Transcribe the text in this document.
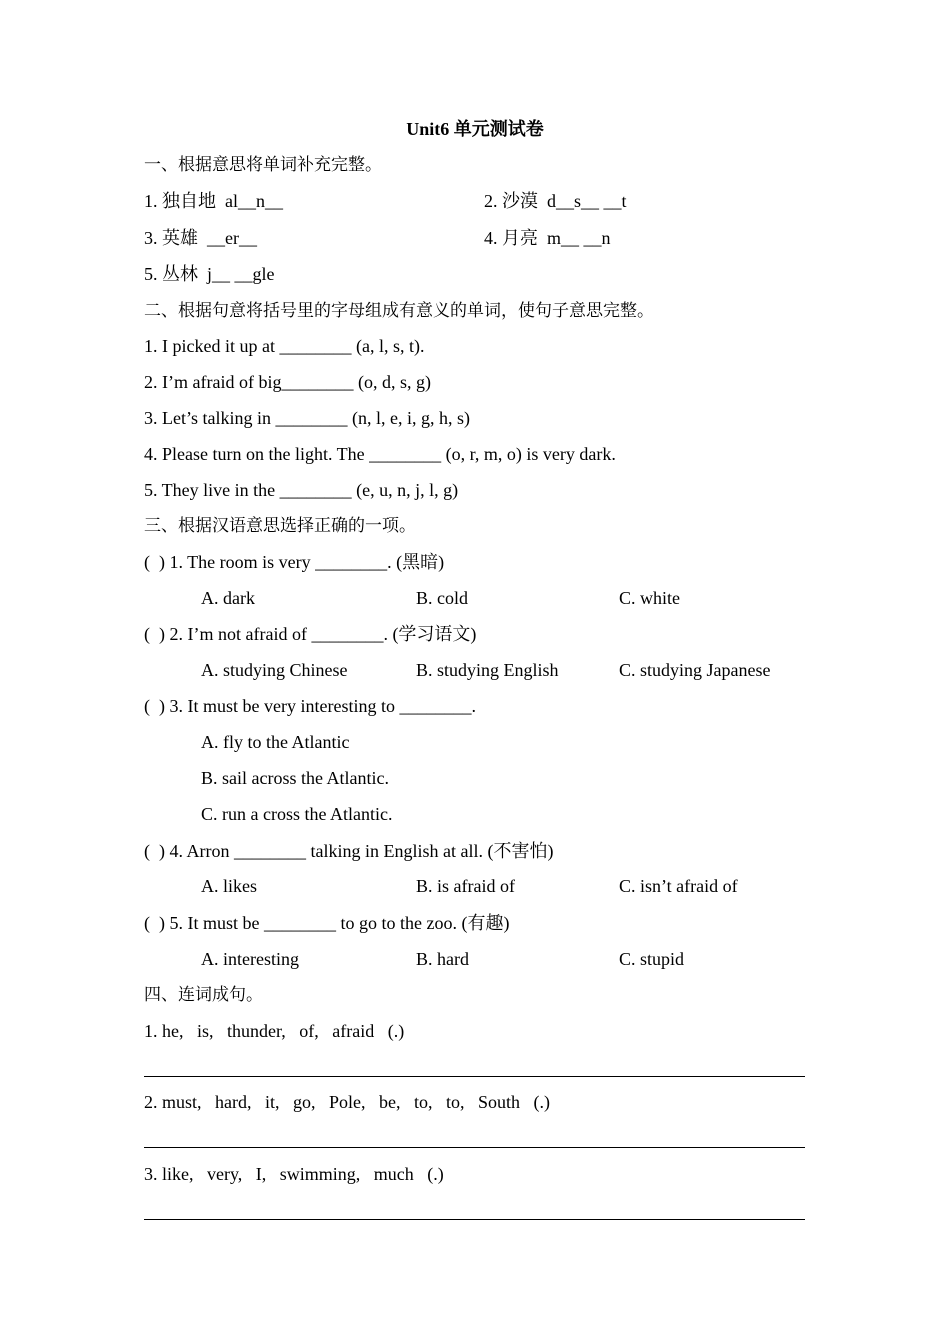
Unit6 单元测试卷
一、根据意思将单词补充完整。
1. 独自地  al__n__	2. 沙漠  d__s__ __t
3. 英雄  __er__	4. 月亮  m__ __n
5. 丛林  j__ __gle
二、根据句意将括号里的字母组成有意义的单词，使句子意思完整。
1. I picked it up at ________ (a, l, s, t).
2. I’m afraid of big________ (o, d, s, g)
3. Let’s talking in ________ (n, l, e, i, g, h, s)
4. Please turn on the light. The ________ (o, r, m, o) is very dark.
5. They live in the ________ (e, u, n, j, l, g)
三、根据汉语意思选择正确的一项。
(  ) 1. The room is very ________. (黑暗)
A. dark	B. cold	C. white
(  ) 2. I’m not afraid of ________. (学习语文)
A. studying Chinese	B. studying English	C. studying Japanese
(  ) 3. It must be very interesting to ________.
A. fly to the Atlantic
B. sail across the Atlantic.
C. run a cross the Atlantic.
(  ) 4. Arron ________ talking in English at all. (不害怕)
A. likes	B. is afraid of	C. isn’t afraid of
(  ) 5. It must be ________ to go to the zoo. (有趣)
A. interesting	B. hard	C. stupid
四、连词成句。
1. he,   is,   thunder,   of,   afraid   (.)
2. must,   hard,   it,   go,   Pole,   be,   to,   to,   South   (.)
3. like,   very,   I,   swimming,   much   (.)
